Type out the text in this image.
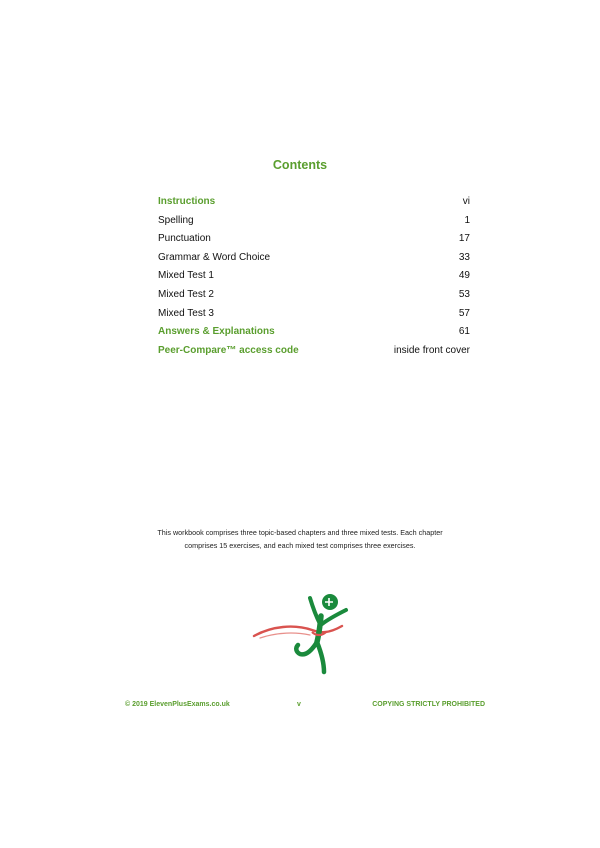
Contents
Instructions	vi
Spelling	1
Punctuation	17
Grammar & Word Choice	33
Mixed Test 1	49
Mixed Test 2	53
Mixed Test 3	57
Answers & Explanations	61
Peer-Compare™ access code	inside front cover
This workbook comprises three topic-based chapters and three mixed tests. Each chapter
comprises 15 exercises, and each mixed test comprises three exercises.
© 2019 ElevenPlusExams.co.uk	v	COPYING STRICTLY PROHIBITED
